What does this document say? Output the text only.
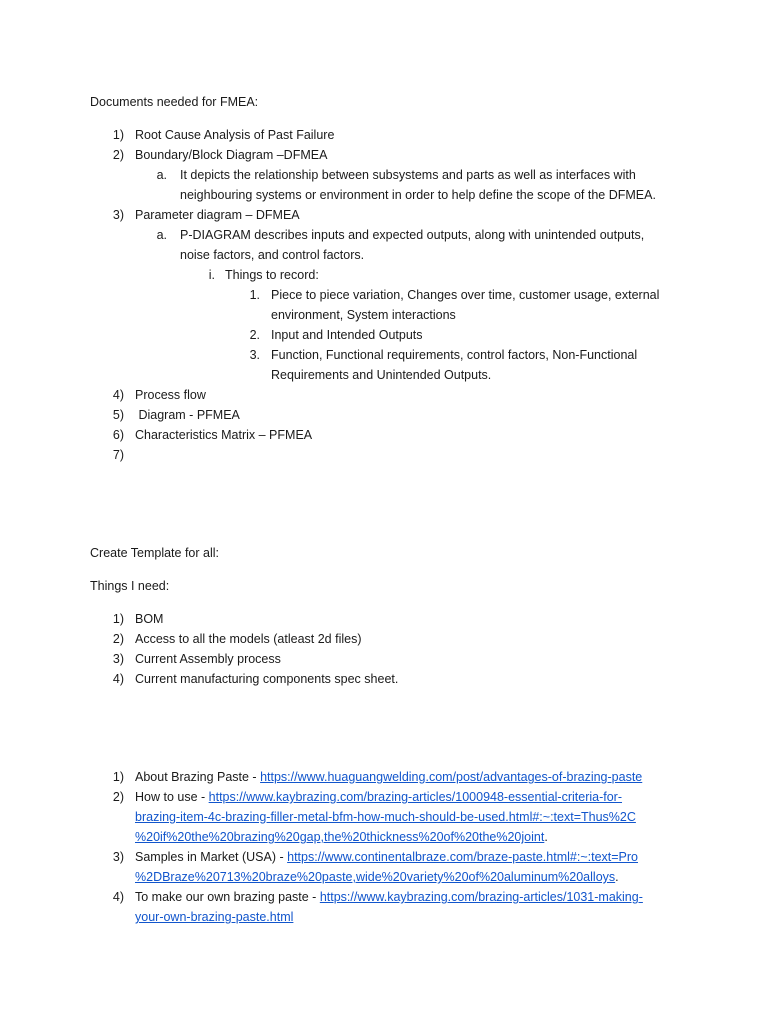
Documents needed for FMEA:
1) Root Cause Analysis of Past Failure
2) Boundary/Block Diagram –DFMEA
a. It depicts the relationship between subsystems and parts as well as interfaces with
neighbouring systems or environment in order to help define the scope of the DFMEA.
3) Parameter diagram – DFMEA
a. P-DIAGRAM describes inputs and expected outputs, along with unintended outputs,
noise factors, and control factors.
i. Things to record:
1. Piece to piece variation, Changes over time, customer usage, external
environment, System interactions
2. Input and Intended Outputs
3. Function, Functional requirements, control factors, Non-Functional
Requirements and Unintended Outputs.
4) Process flow
5) Diagram - PFMEA
6) Characteristics Matrix – PFMEA
7)
Create Template for all:
Things I need:
1) BOM
2) Access to all the models (atleast 2d files)
3) Current Assembly process
4) Current manufacturing components spec sheet.
1) About Brazing Paste - https://www.huaguangwelding.com/post/advantages-of-brazing-paste
2) How to use - https://www.kaybrazing.com/brazing-articles/1000948-essential-criteria-for-
brazing-item-4c-brazing-filler-metal-bfm-how-much-should-be-used.html#:~:text=Thus%2C
%20if%20the%20brazing%20gap,the%20thickness%20of%20the%20joint.
3) Samples in Market (USA) - https://www.continentalbraze.com/braze-paste.html#:~:text=Pro
%2DBraze%20713%20braze%20paste,wide%20variety%20of%20aluminum%20alloys.
4) To make our own brazing paste - https://www.kaybrazing.com/brazing-articles/1031-making-
your-own-brazing-paste.html
